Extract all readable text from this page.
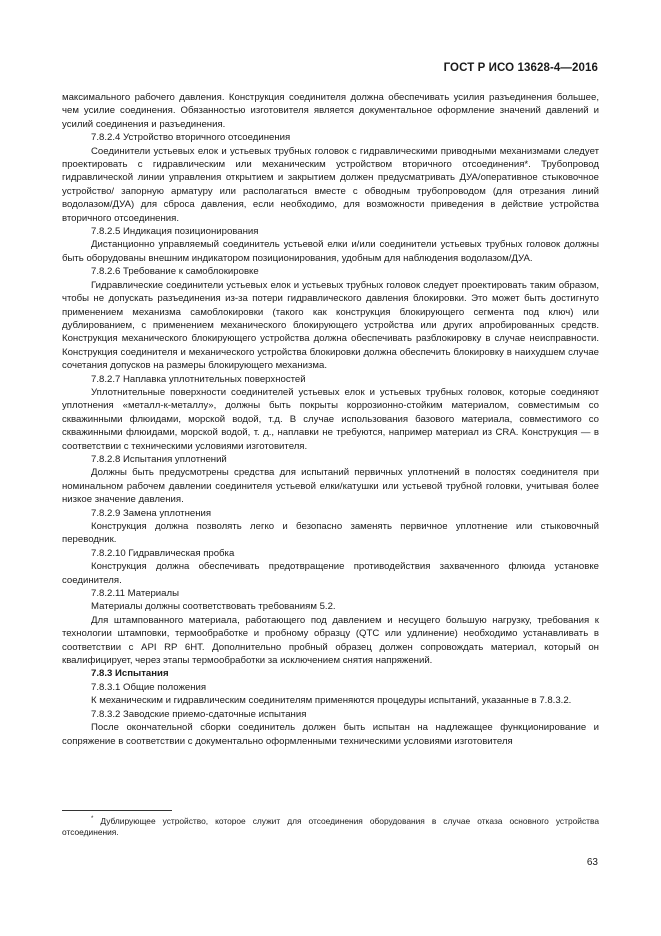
ГОСТ Р ИСО 13628-4—2016

максимального рабочего давления. Конструкция соединителя должна обеспечивать усилия разъединения большее, чем усилие соединения. Обязанностью изготовителя является документальное оформление значений давлений и усилий соединения и разъединения.

7.8.2.4 Устройство вторичного отсоединения

Соединители устьевых елок и устьевых трубных головок с гидравлическими приводными механизмами следует проектировать с гидравлическим или механическим устройством вторичного отсоединения*. Трубопровод гидравлической линии управления открытием и закрытием должен предусматривать ДУА/оперативное стыковочное устройство/ запорную арматуру или располагаться вместе с обводным трубопроводом (для отрезания линий водолазом/ДУА) для сброса давления, если необходимо, для возможности приведения в действие устройства вторичного отсоединения.

7.8.2.5 Индикация позиционирования

Дистанционно управляемый соединитель устьевой елки и/или соединители устьевых трубных головок должны быть оборудованы внешним индикатором позиционирования, удобным для наблюдения водолазом/ДУА.

7.8.2.6 Требование к самоблокировке

Гидравлические соединители устьевых елок и устьевых трубных головок следует проектировать таким образом, чтобы не допускать разъединения из-за потери гидравлического давления блокировки. Это может быть достигнуто применением механизма самоблокировки (такого как конструкция блокирующего сегмента под ключ) или дублированием, с применением механического блокирующего устройства или других апробированных средств. Конструкция механического блокирующего устройства должна обеспечивать разблокировку в случае неисправности. Конструкция соединителя и механического устройства блокировки должна обеспечить блокировку в наихудшем случае сочетания допусков на размеры блокирующего механизма.

7.8.2.7 Наплавка уплотнительных поверхностей

Уплотнительные поверхности соединителей устьевых елок и устьевых трубных головок, которые соединяют уплотнения «металл-к-металлу», должны быть покрыты коррозионно-стойким материалом, совместимым со скважинными флюидами, морской водой, т.д. В случае использования базового материала, совместимого со скважинными флюидами, морской водой, т. д., наплавки не требуются, например материал из CRA. Конструкция — в соответствии с техническими условиями изготовителя.

7.8.2.8 Испытания уплотнений

Должны быть предусмотрены средства для испытаний первичных уплотнений в полостях соединителя при номинальном рабочем давлении соединителя устьевой елки/катушки или устьевой трубной головки, учитывая более низкое значение давления.

7.8.2.9 Замена уплотнения

Конструкция должна позволять легко и безопасно заменять первичное уплотнение или стыковочный переводник.

7.8.2.10 Гидравлическая пробка

Конструкция должна обеспечивать предотвращение противодействия захваченного флюида установке соединителя.

7.8.2.11 Материалы

Материалы должны соответствовать требованиям 5.2.

Для штампованного материала, работающего под давлением и несущего большую нагрузку, требования к технологии штамповки, термообработке и пробному образцу (QTC или удлинение) необходимо устанавливать в соответствии с API RP 6HT. Дополнительно пробный образец должен сопровождать материал, который он квалифицирует, через этапы термообработки за исключением снятия напряжений.

7.8.3 Испытания

7.8.3.1 Общие положения

К механическим и гидравлическим соединителям применяются процедуры испытаний, указанные в 7.8.3.2.

7.8.3.2 Заводские приемо-сдаточные испытания

После окончательной сборки соединитель должен быть испытан на надлежащее функционирование и сопряжение в соответствии с документально оформленными техническими условиями изготовителя

* Дублирующее устройство, которое служит для отсоединения оборудования в случае отказа основного устройства отсоединения.
63
